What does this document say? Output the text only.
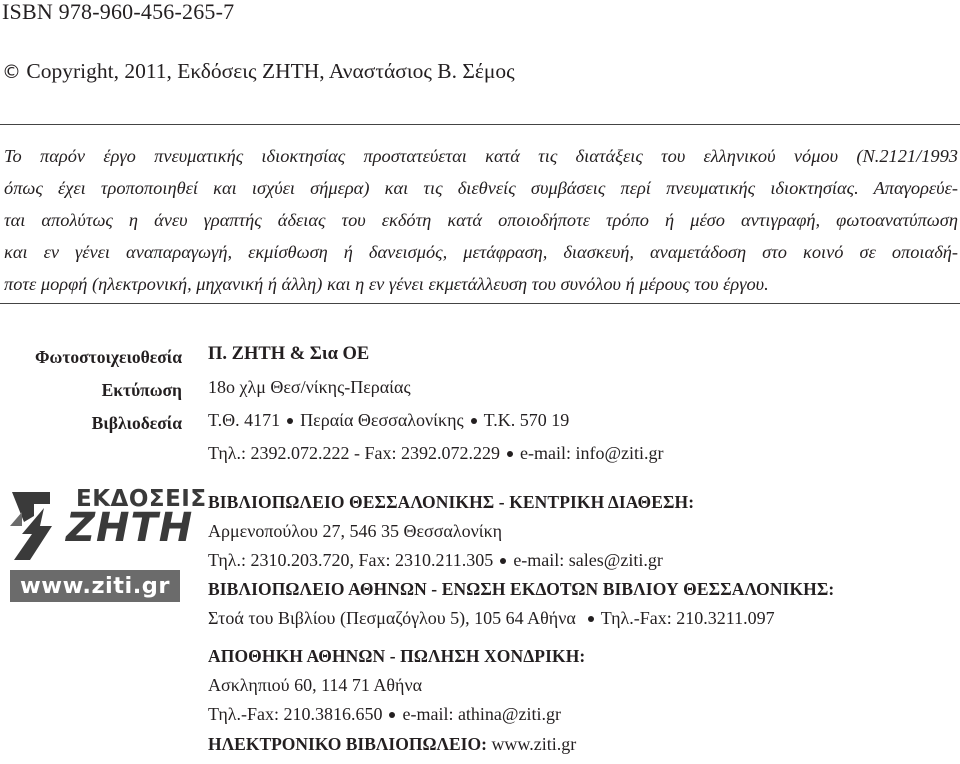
ISBN 978-960-456-265-7
© Copyright, 2011, Εκδόσεις ΖΗΤΗ, Αναστάσιος Β. Σέμος
Το παρόν έργο πνευματικής ιδιοκτησίας προστατεύεται κατά τις διατάξεις του ελληνικού νόμου (Ν.2121/1993
όπως έχει τροποποιηθεί και ισχύει σήμερα) και τις διεθνείς συμβάσεις περί πνευματικής ιδιοκτησίας. Απαγορεύε-
ται απολύτως η άνευ γραπτής άδειας του εκδότη κατά οποιοδήποτε τρόπο ή μέσο αντιγραφή, φωτοανατύπωση
και εν γένει αναπαραγωγή, εκμίσθωση ή δανεισμός, μετάφραση, διασκευή, αναμετάδοση στο κοινό σε οποιαδή-
ποτε μορφή (ηλεκτρονική, μηχανική ή άλλη) και η εν γένει εκμετάλλευση του συνόλου ή μέρους του έργου.
Φωτοστοιχειοθεσία
Εκτύπωση
Βιβλιοδεσία
Π. ΖΗΤΗ & Σια ΟΕ
18ο χλμ Θεσ/νίκης-Περαίας
Τ.Θ. 4171 Περαία Θεσσαλονίκης Τ.Κ. 570 19
Τηλ.: 2392.072.222 - Fax: 2392.072.229 e-mail: info@ziti.gr
ΕΚΔΟΣΕΙΣ
ΖΗΤΗ
www.ziti.gr
ΒΙΒΛΙΟΠΩΛΕΙΟ ΘΕΣΣΑΛΟΝΙΚΗΣ - ΚΕΝΤΡΙΚΗ ΔΙΑΘΕΣΗ:
Αρμενοπούλου 27, 546 35 Θεσσαλονίκη
Τηλ.: 2310.203.720, Fax: 2310.211.305 e-mail: sales@ziti.gr
ΒΙΒΛΙΟΠΩΛΕΙΟ ΑΘΗΝΩΝ - ΕΝΩΣΗ ΕΚΔΟΤΩΝ ΒΙΒΛΙΟΥ ΘΕΣΣΑΛΟΝΙΚΗΣ:
Στοά του Βιβλίου (Πεσμαζόγλου 5), 105 64 Αθήνα Τηλ.-Fax: 210.3211.097
ΑΠΟΘΗΚΗ ΑΘΗΝΩΝ - ΠΩΛΗΣΗ ΧΟΝΔΡΙΚΗ:
Ασκληπιού 60, 114 71 Αθήνα
Τηλ.-Fax: 210.3816.650 e-mail: athina@ziti.gr
ΗΛΕΚΤΡΟΝΙΚΟ ΒΙΒΛΙΟΠΩΛΕΙΟ: www.ziti.gr
